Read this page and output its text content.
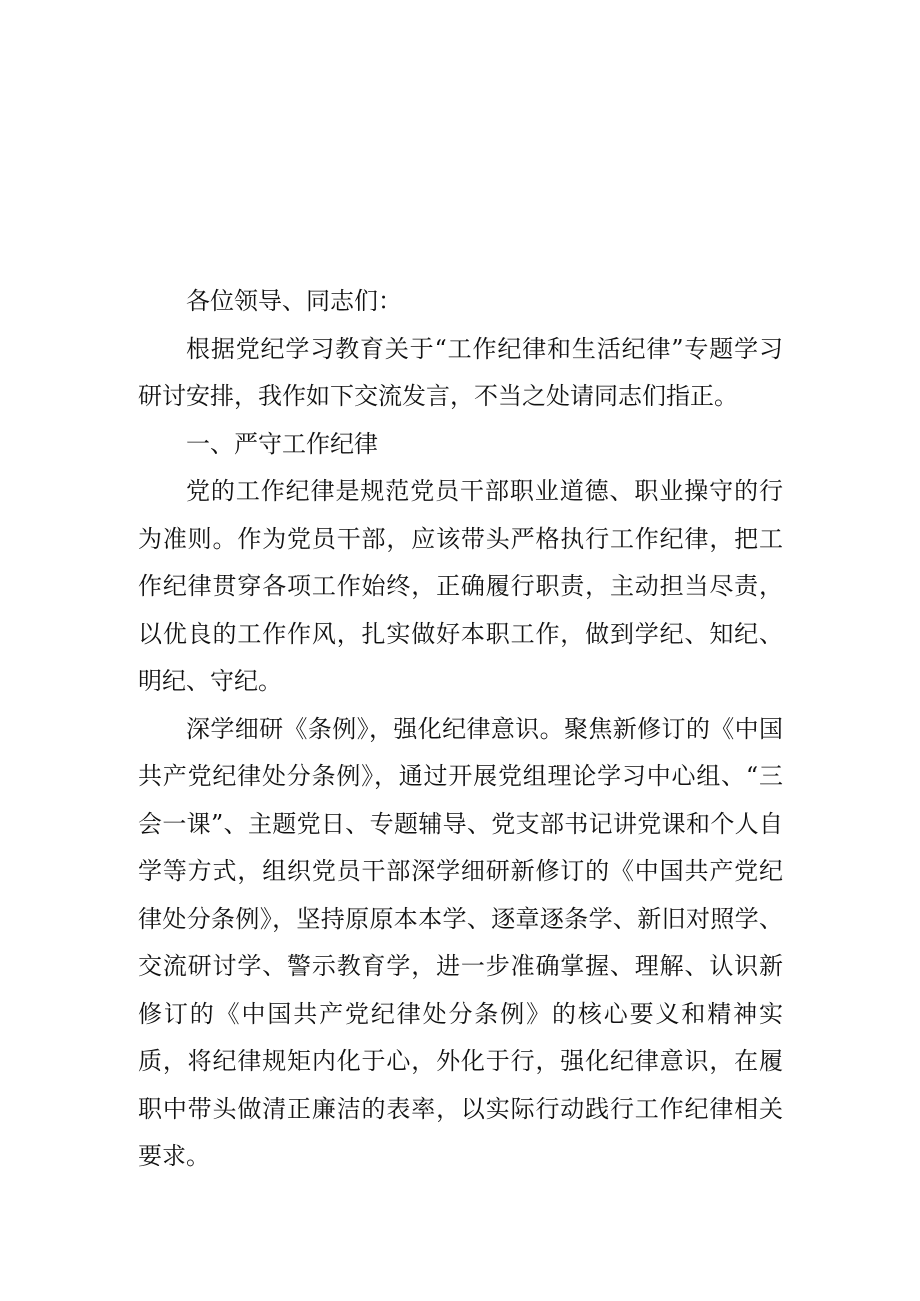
各位领导、同志们：

根据党纪学习教育关于“工作纪律和生活纪律”专题学习研讨安排，我作如下交流发言，不当之处请同志们指正。

一、严守工作纪律

党的工作纪律是规范党员干部职业道德、职业操守的行为准则。作为党员干部，应该带头严格执行工作纪律，把工作纪律贯穿各项工作始终，正确履行职责，主动担当尽责，以优良的工作作风，扎实做好本职工作，做到学纪、知纪、明纪、守纪。

深学细研《条例》，强化纪律意识。聚焦新修订的《中国共产党纪律处分条例》，通过开展党组理论学习中心组、“三会一课”、主题党日、专题辅导、党支部书记讲党课和个人自学等方式，组织党员干部深学细研新修订的《中国共产党纪律处分条例》，坚持原原本本学、逐章逐条学、新旧对照学、交流研讨学、警示教育学，进一步准确掌握、理解、认识新修订的《中国共产党纪律处分条例》的核心要义和精神实质，将纪律规矩内化于心，外化于行，强化纪律意识，在履职中带头做清正廉洁的表率，以实际行动践行工作纪律相关要求。
